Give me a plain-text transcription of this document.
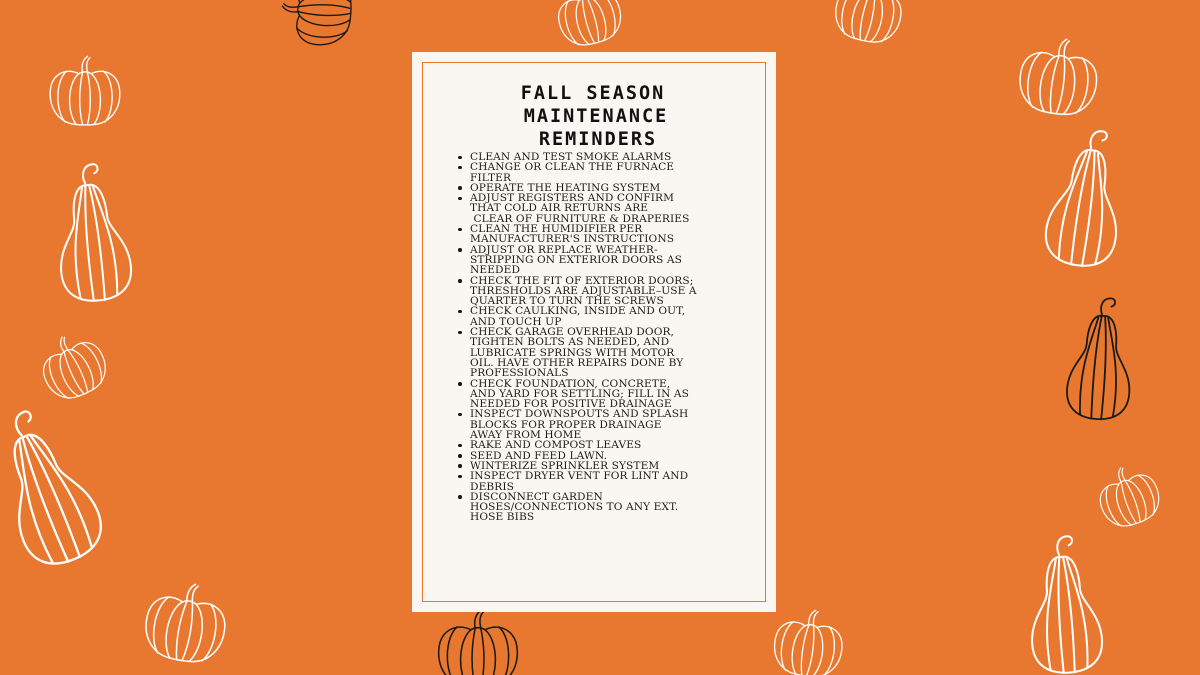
FALL SEASON
MAINTENANCE
REMINDERS
CLEAN AND TEST SMOKE ALARMS
CHANGE OR CLEAN THE FURNACE
FILTER
OPERATE THE HEATING SYSTEM
ADJUST REGISTERS AND CONFIRM
THAT COLD AIR RETURNS ARE
CLEAR OF FURNITURE & DRAPERIES
CLEAN THE HUMIDIFIER PER
MANUFACTURER'S INSTRUCTIONS
ADJUST OR REPLACE WEATHER-
STRIPPING ON EXTERIOR DOORS AS
NEEDED
CHECK THE FIT OF EXTERIOR DOORS;
THRESHOLDS ARE ADJUSTABLE–USE A
QUARTER TO TURN THE SCREWS
CHECK CAULKING, INSIDE AND OUT,
AND TOUCH UP
CHECK GARAGE OVERHEAD DOOR,
TIGHTEN BOLTS AS NEEDED, AND
LUBRICATE SPRINGS WITH MOTOR
OIL. HAVE OTHER REPAIRS DONE BY
PROFESSIONALS
CHECK FOUNDATION, CONCRETE,
AND YARD FOR SETTLING; FILL IN AS
NEEDED FOR POSITIVE DRAINAGE
INSPECT DOWNSPOUTS AND SPLASH
BLOCKS FOR PROPER DRAINAGE
AWAY FROM HOME
RAKE AND COMPOST LEAVES
SEED AND FEED LAWN.
WINTERIZE SPRINKLER SYSTEM
INSPECT DRYER VENT FOR LINT AND
DEBRIS
DISCONNECT GARDEN
HOSES/CONNECTIONS TO ANY EXT.
HOSE BIBS
